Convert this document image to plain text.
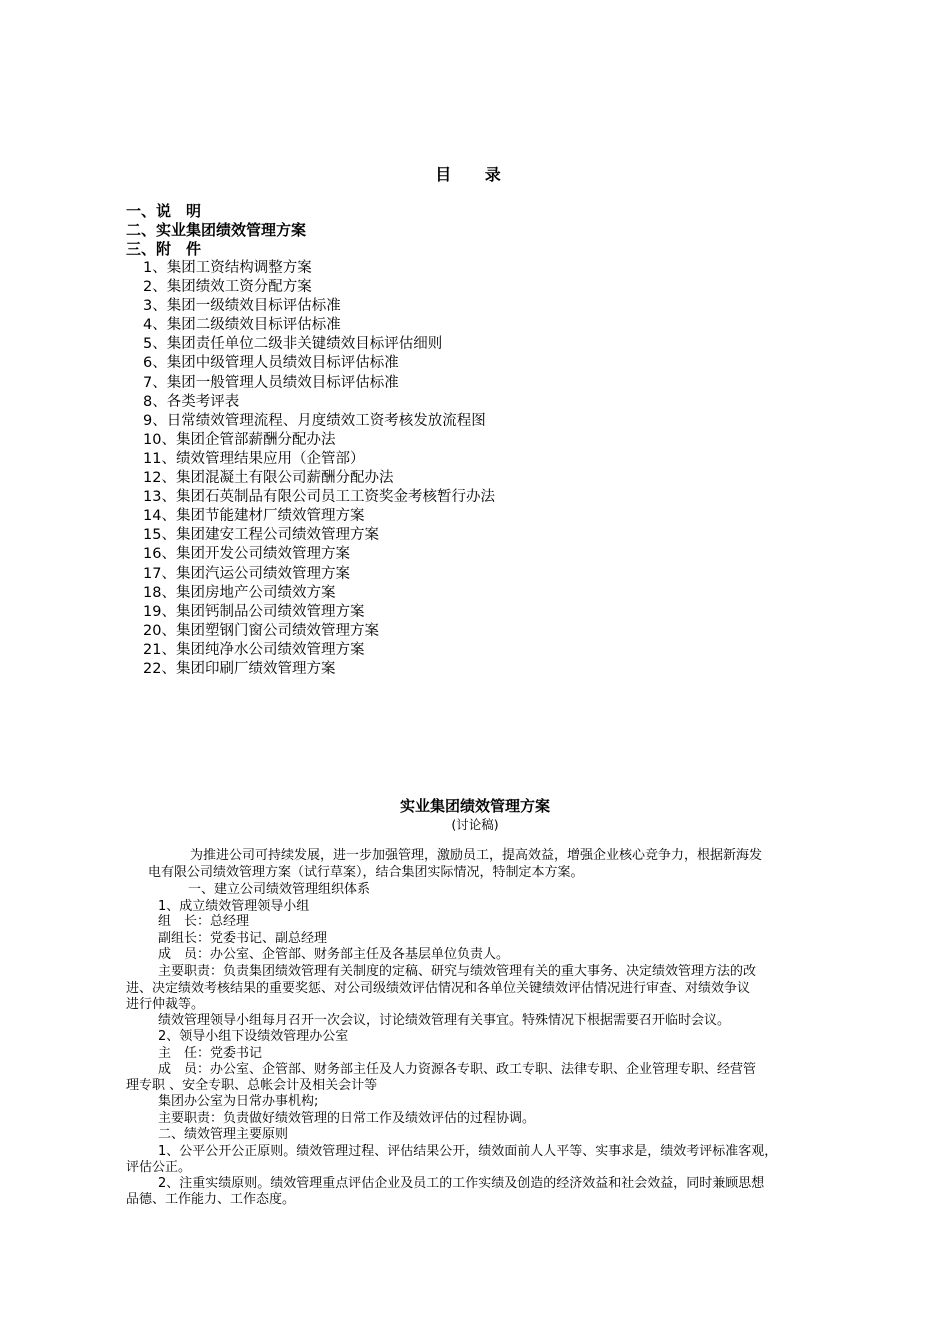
目 录
一、说　明
二、实业集团绩效管理方案
三、附　件
1、集团工资结构调整方案
2、集团绩效工资分配方案
3、集团一级绩效目标评估标准
4、集团二级绩效目标评估标准
5、集团责任单位二级非关键绩效目标评估细则
6、集团中级管理人员绩效目标评估标准
7、集团一般管理人员绩效目标评估标准
8、各类考评表
9、日常绩效管理流程、月度绩效工资考核发放流程图
10、集团企管部薪酬分配办法
11、绩效管理结果应用（企管部）
12、集团混凝土有限公司薪酬分配办法
13、集团石英制品有限公司员工工资奖金考核暂行办法
14、集团节能建材厂绩效管理方案
15、集团建安工程公司绩效管理方案
16、集团开发公司绩效管理方案
17、集团汽运公司绩效管理方案
18、集团房地产公司绩效方案
19、集团钙制品公司绩效管理方案
20、集团塑钢门窗公司绩效管理方案
21、集团纯净水公司绩效管理方案
22、集团印刷厂绩效管理方案
实业集团绩效管理方案
(讨论稿)
为推进公司可持续发展，进一步加强管理，激励员工，提高效益，增强企业核心竞争力，根据新海发
电有限公司绩效管理方案（试行草案），结合集团实际情况，特制定本方案。
一、建立公司绩效管理组织体系
1、成立绩效管理领导小组
组　长：总经理
副组长：党委书记、副总经理
成　员：办公室、企管部、财务部主任及各基层单位负责人。
主要职责：负责集团绩效管理有关制度的定稿、研究与绩效管理有关的重大事务、决定绩效管理方法的改
进、决定绩效考核结果的重要奖惩、对公司级绩效评估情况和各单位关键绩效评估情况进行审查、对绩效争议
进行仲裁等。
绩效管理领导小组每月召开一次会议，讨论绩效管理有关事宜。特殊情况下根据需要召开临时会议。
2、领导小组下设绩效管理办公室
主　任：党委书记
成　员：办公室、企管部、财务部主任及人力资源各专职、政工专职、法律专职、企业管理专职、经营管
理专职 、安全专职、总帐会计及相关会计等
集团办公室为日常办事机构;
主要职责：负责做好绩效管理的日常工作及绩效评估的过程协调。
二、绩效管理主要原则
1、公平公开公正原则。绩效管理过程、评估结果公开，绩效面前人人平等、实事求是，绩效考评标准客观，
评估公正。
2、注重实绩原则。绩效管理重点评估企业及员工的工作实绩及创造的经济效益和社会效益，同时兼顾思想
品德、工作能力、工作态度。
